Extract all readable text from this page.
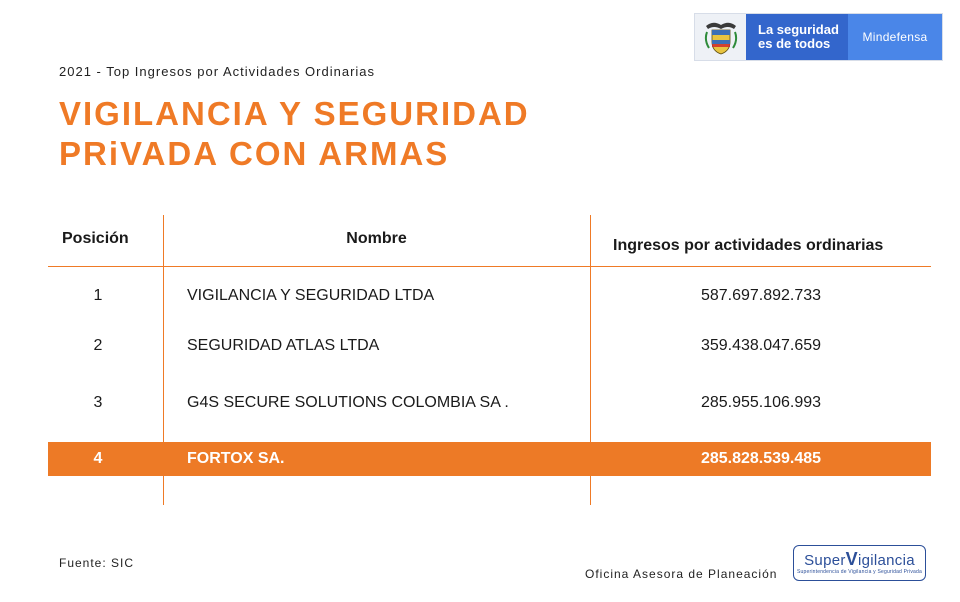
2021 - Top Ingresos por Actividades Ordinarias
VIGILANCIA Y SEGURIDAD
PRiVADA CON ARMAS
La seguridad
es de todos	Mindefensa
Posición	Nombre	Ingresos por actividades ordinarias
1	VIGILANCIA Y SEGURIDAD LTDA	587.697.892.733
2	SEGURIDAD ATLAS LTDA	359.438.047.659
3	G4S SECURE SOLUTIONS COLOMBIA SA .	285.955.106.993
4	FORTOX SA.	285.828.539.485
Fuente: SIC
Oficina Asesora de Planeación
SuperVigilancia
Superintendencia de Vigilancia y Seguridad Privada
